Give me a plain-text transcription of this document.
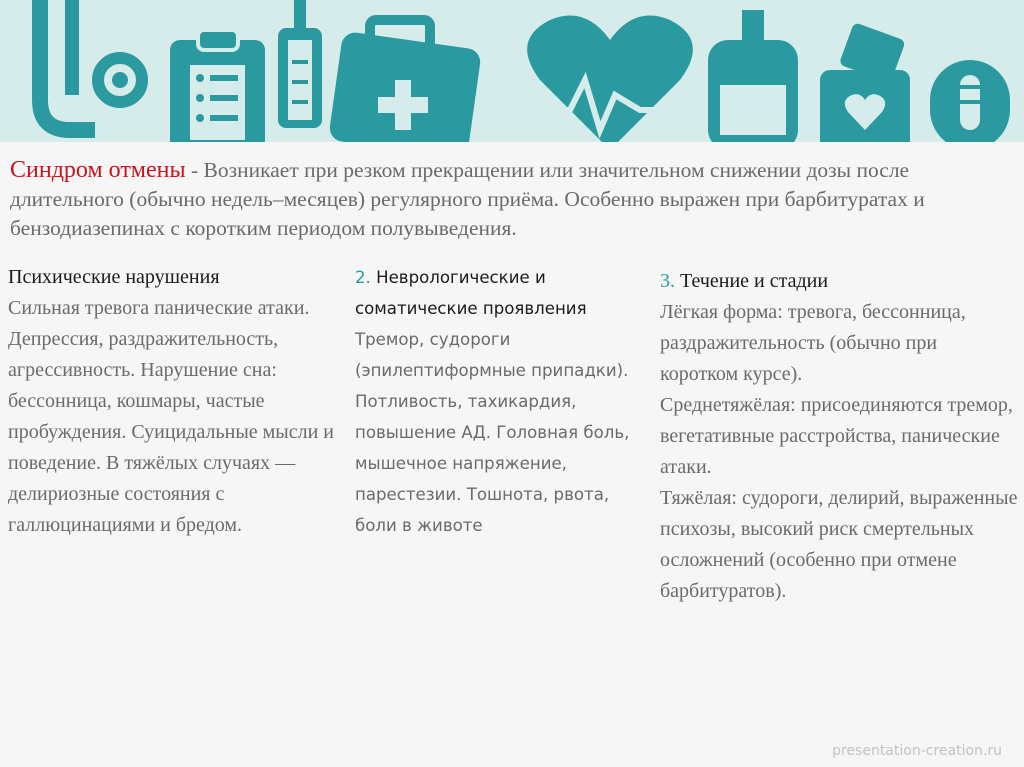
Синдром отмены - Возникает при резком прекращении или значительном снижении дозы после длительного (обычно недель–месяцев) регулярного приёма. Особенно выражен при барбитуратах и бензодиазепинах с коротким периодом полувыведения.
Психические нарушения
Сильная тревога панические атаки. Депрессия, раздражительность, агрессивность. Нарушение сна: бессонница, кошмары, частые пробуждения. Суицидальные мысли и поведение. В тяжёлых случаях — делириозные состояния с галлюцинациями и бредом.
2. Неврологические и соматические проявления
Тремор, судороги (эпилептиформные припадки). Потливость, тахикардия, повышение АД. Головная боль, мышечное напряжение, парестезии. Тошнота, рвота, боли в животе
3. Течение и стадии

Лёгкая форма: тревога, бессонница, раздражительность (обычно при коротком курсе).

Среднетяжёлая: присоединяются тремор, вегетативные расстройства, панические атаки.

Тяжёлая: судороги, делирий, выраженные психозы, высокий риск смертельных осложнений (особенно при отмене барбитуратов).

presentation-creation.ru
